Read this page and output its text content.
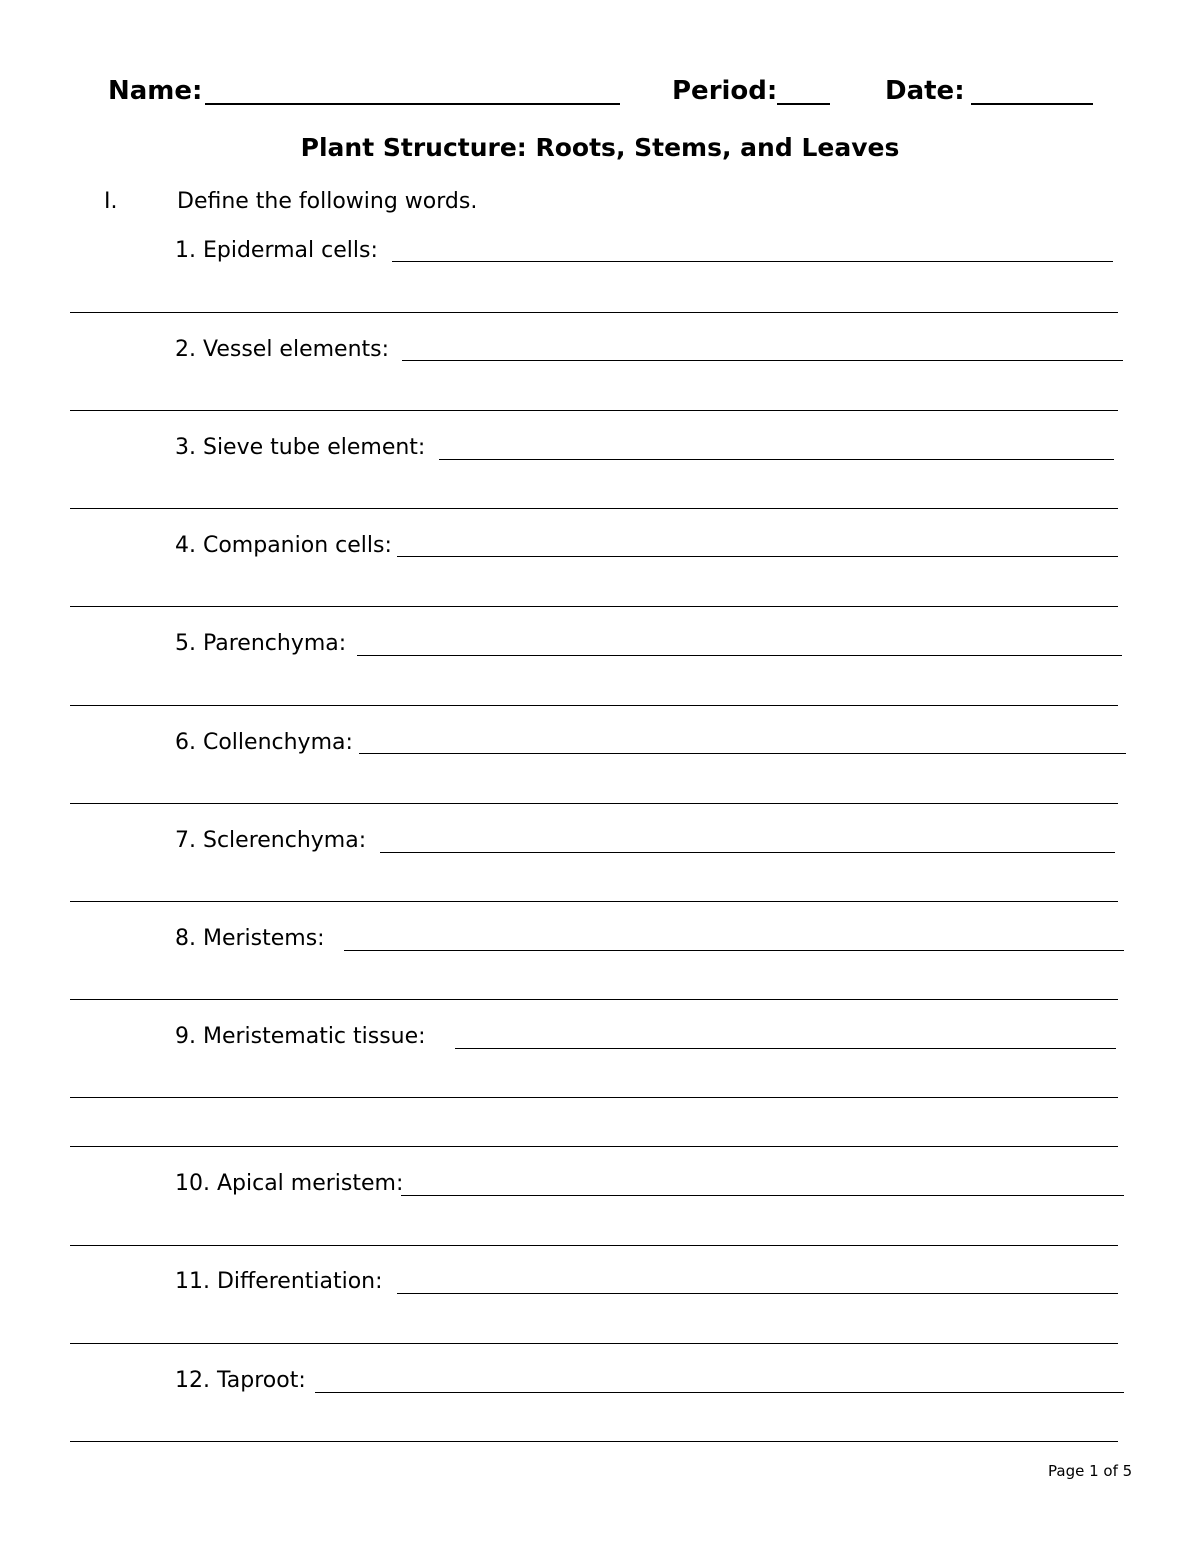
Name:	Period:	Date:
Plant Structure: Roots, Stems, and Leaves
I.	Define the following words.
1. Epidermal cells:
2. Vessel elements:
3. Sieve tube element:
4. Companion cells:
5. Parenchyma:
6. Collenchyma:
7. Sclerenchyma:
8. Meristems:
9. Meristematic tissue:
10. Apical meristem:
11. Differentiation:
12. Taproot:
Page 1 of 5
